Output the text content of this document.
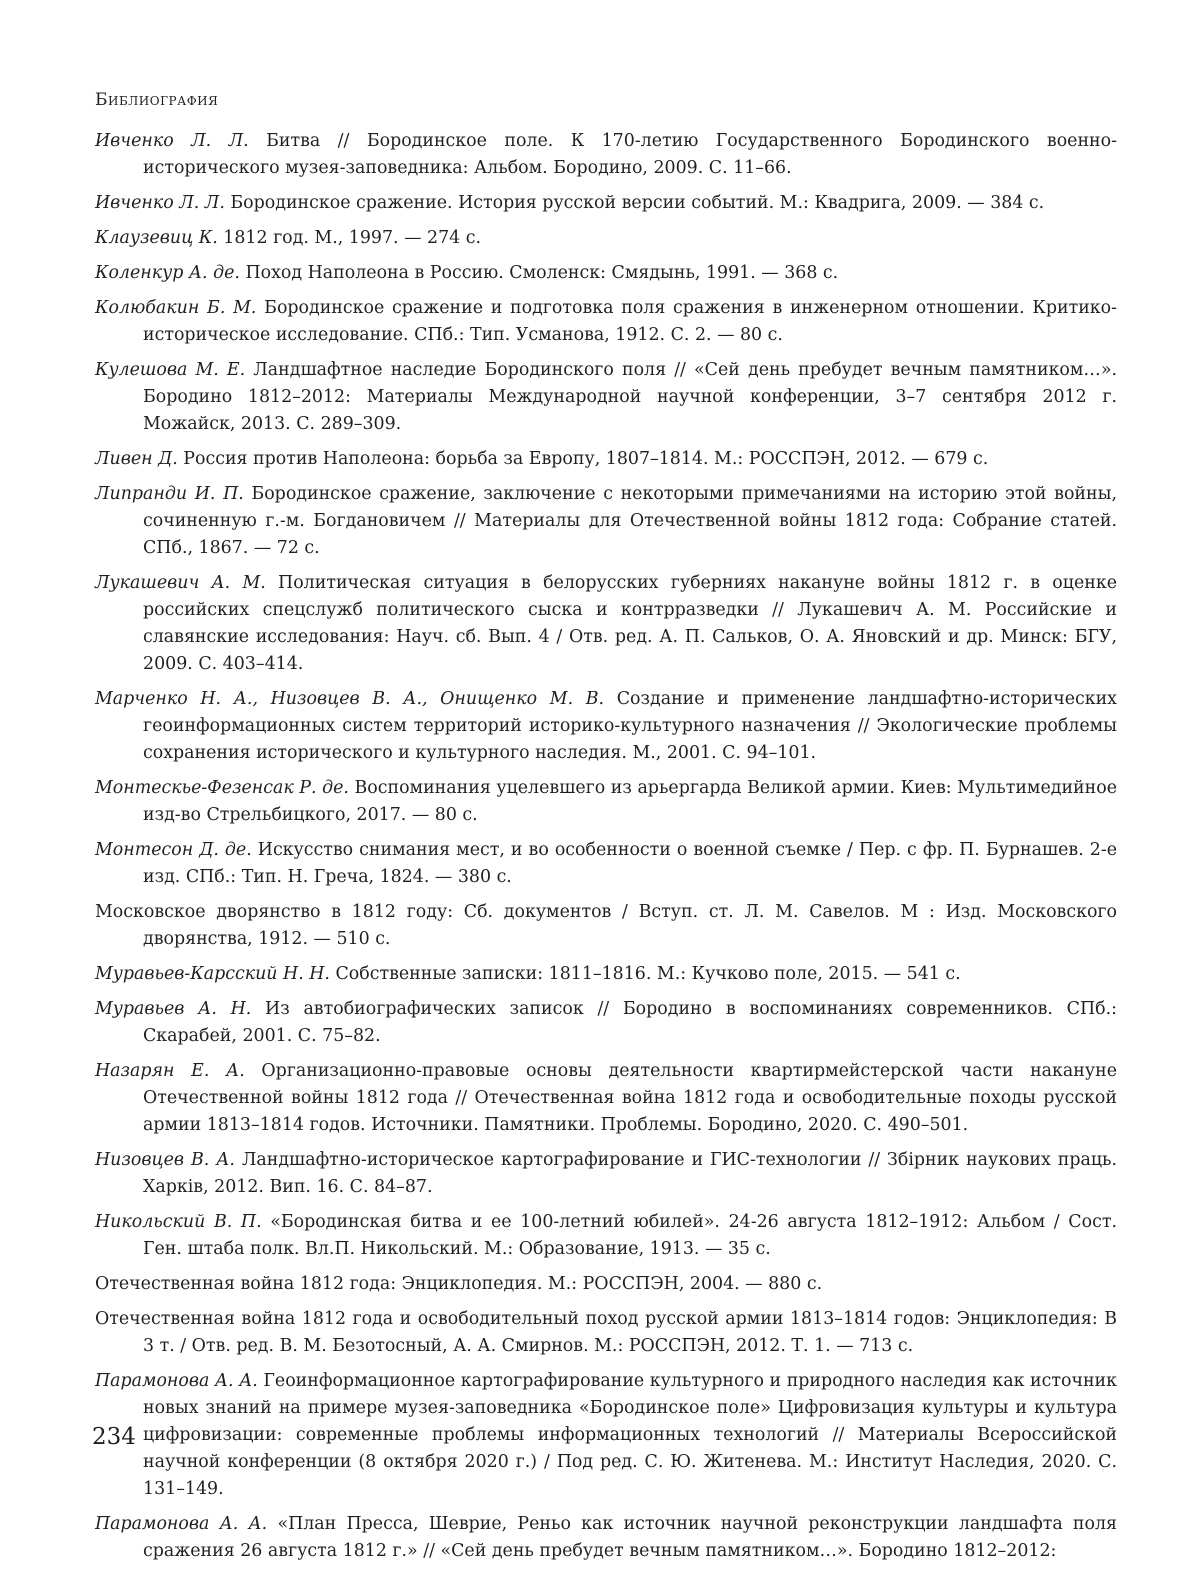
Библиография
Ивченко Л. Л. Битва // Бородинское поле. К 170-летию Государственного Бородинского военно-исторического музея-заповедника: Альбом. Бородино, 2009. С. 11–66.
Ивченко Л. Л. Бородинское сражение. История русской версии событий. М.: Квадрига, 2009. — 384 с.
Клаузевиц К. 1812 год. М., 1997. — 274 с.
Коленкур А. де. Поход Наполеона в Россию. Смоленск: Смядынь, 1991. — 368 с.
Колюбакин Б. М. Бородинское сражение и подготовка поля сражения в инженерном отношении. Критико-историческое исследование. СПб.: Тип. Усманова, 1912. С. 2. — 80 с.
Кулешова М. Е. Ландшафтное наследие Бородинского поля // «Сей день пребудет вечным памятником…». Бородино 1812–2012: Материалы Международной научной конференции, 3–7 сентября 2012 г. Можайск, 2013. С. 289–309.
Ливен Д. Россия против Наполеона: борьба за Европу, 1807–1814. М.: РОССПЭН, 2012. — 679 с.
Липранди И. П. Бородинское сражение, заключение с некоторыми примечаниями на историю этой войны, сочиненную г.-м. Богдановичем // Материалы для Отечественной войны 1812 года: Собрание статей. СПб., 1867. — 72 с.
Лукашевич А. М. Политическая ситуация в белорусских губерниях накануне войны 1812 г. в оценке российских спецслужб политического сыска и контрразведки // Лукашевич А. М. Российские и славянские исследования: Науч. сб. Вып. 4 / Отв. ред. А. П. Сальков, О. А. Яновский и др. Минск: БГУ, 2009. С. 403–414.
Марченко Н. А., Низовцев В. А., Онищенко М. В. Создание и применение ландшафтно-исторических геоинформационных систем территорий историко-культурного назначения // Экологические проблемы сохранения исторического и культурного наследия. М., 2001. С. 94–101.
Монтескье-Фезенсак Р. де. Воспоминания уцелевшего из арьергарда Великой армии. Киев: Мультимедийное изд-во Стрельбицкого, 2017. — 80 с.
Монтесон Д. де. Искусство снимания мест, и во особенности о военной съемке / Пер. с фр. П. Бурнашев. 2-е изд. СПб.: Тип. Н. Греча, 1824. — 380 с.
Московское дворянство в 1812 году: Сб. документов / Вступ. ст. Л. М. Савелов. М : Изд. Московского дворянства, 1912. — 510 с.
Муравьев-Карсский Н. Н. Собственные записки: 1811–1816. М.: Кучково поле, 2015. — 541 с.
Муравьев А. Н. Из автобиографических записок // Бородино в воспоминаниях современников. СПб.: Скарабей, 2001. С. 75–82.
Назарян Е. А. Организационно-правовые основы деятельности квартирмейстерской части накануне Отечественной войны 1812 года // Отечественная война 1812 года и освободительные походы русской армии 1813–1814 годов. Источники. Памятники. Проблемы. Бородино, 2020. С. 490–501.
Низовцев В. А. Ландшафтно-историческое картографирование и ГИС-технологии // Збірник наукових праць. Харків, 2012. Вип. 16. С. 84–87.
Никольский В. П. «Бородинская битва и ее 100-летний юбилей». 24-26 августа 1812–1912: Альбом / Сост. Ген. штаба полк. Вл.П. Никольский. М.: Образование, 1913. — 35 с.
Отечественная война 1812 года: Энциклопедия. М.: РОССПЭН, 2004. — 880 с.
Отечественная война 1812 года и освободительный поход русской армии 1813–1814 годов: Энциклопедия: В 3 т. / Отв. ред. В. М. Безотосный, А. А. Смирнов. М.: РОССПЭН, 2012. Т. 1. — 713 с.
Парамонова А. А. Геоинформационное картографирование культурного и природного наследия как источник новых знаний на примере музея-заповедника «Бородинское поле» Цифровизация культуры и культура цифровизации: современные проблемы информационных технологий // Материалы Всероссийской научной конференции (8 октября 2020 г.) / Под ред. С. Ю. Житенева. М.: Институт Наследия, 2020. С. 131–149.
Парамонова А. А. «План Пресса, Шеврие, Реньо как источник научной реконструкции ландшафта поля сражения 26 августа 1812 г.» // «Сей день пребудет вечным памятником…». Бородино 1812–2012:
234
